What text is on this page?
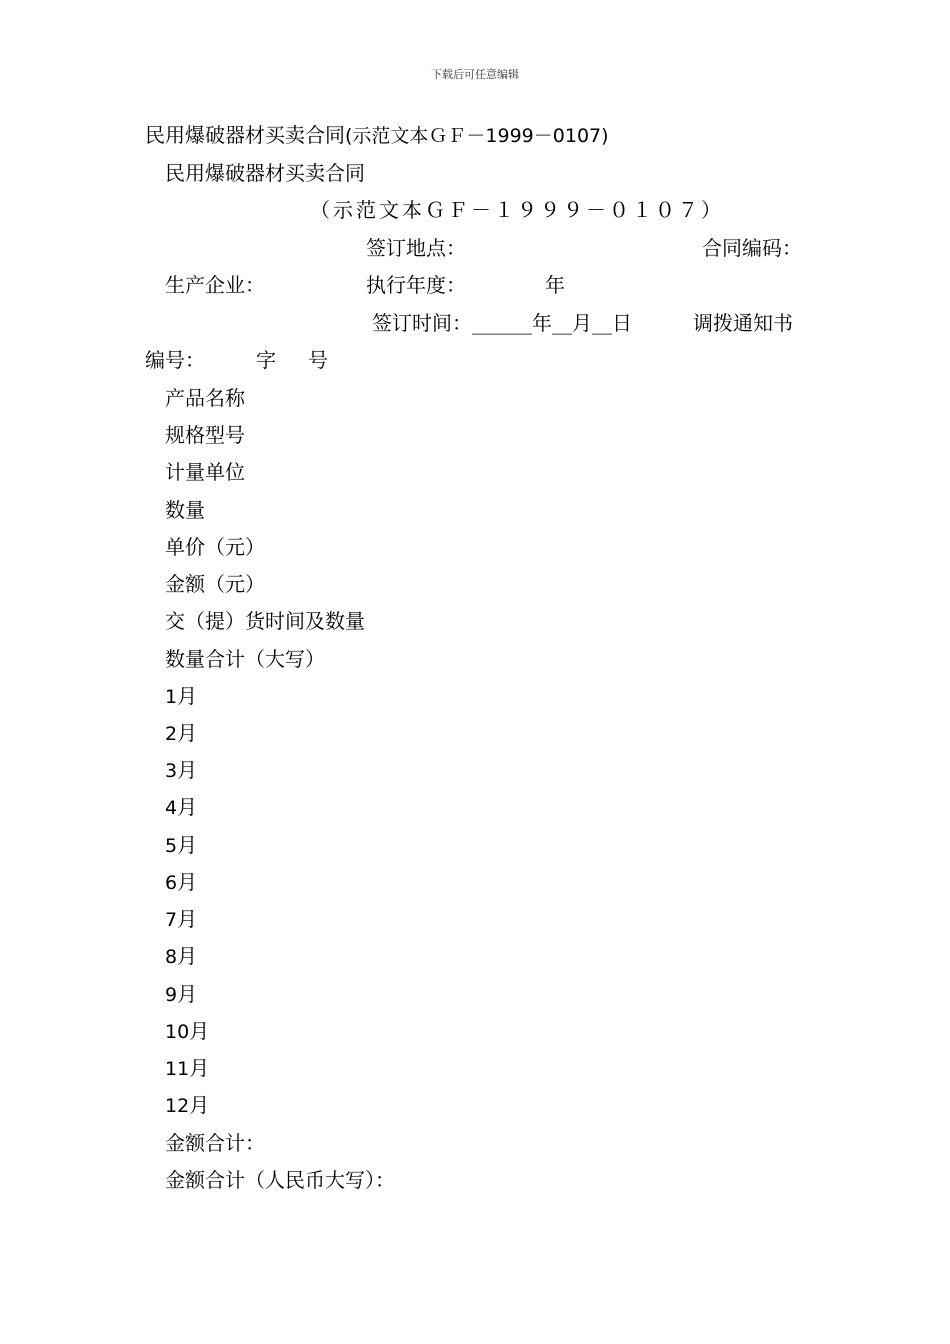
下载后可任意编辑
民用爆破器材买卖合同(示范文本ＧＦ－1999－0107)
民用爆破器材买卖合同
（示范文本ＧＦ－１９９９－０１０７）
签订地点：	合同编码：
生产企业：	执行年度：	年
签订时间：______年__月__日	调拨通知书
编号：	字 号
产品名称
规格型号
计量单位
数量
单价（元）
金额（元）
交（提）货时间及数量
数量合计（大写）
1月
2月
3月
4月
5月
6月
7月
8月
9月
10月
11月
12月
金额合计：
金额合计（人民币大写）：
